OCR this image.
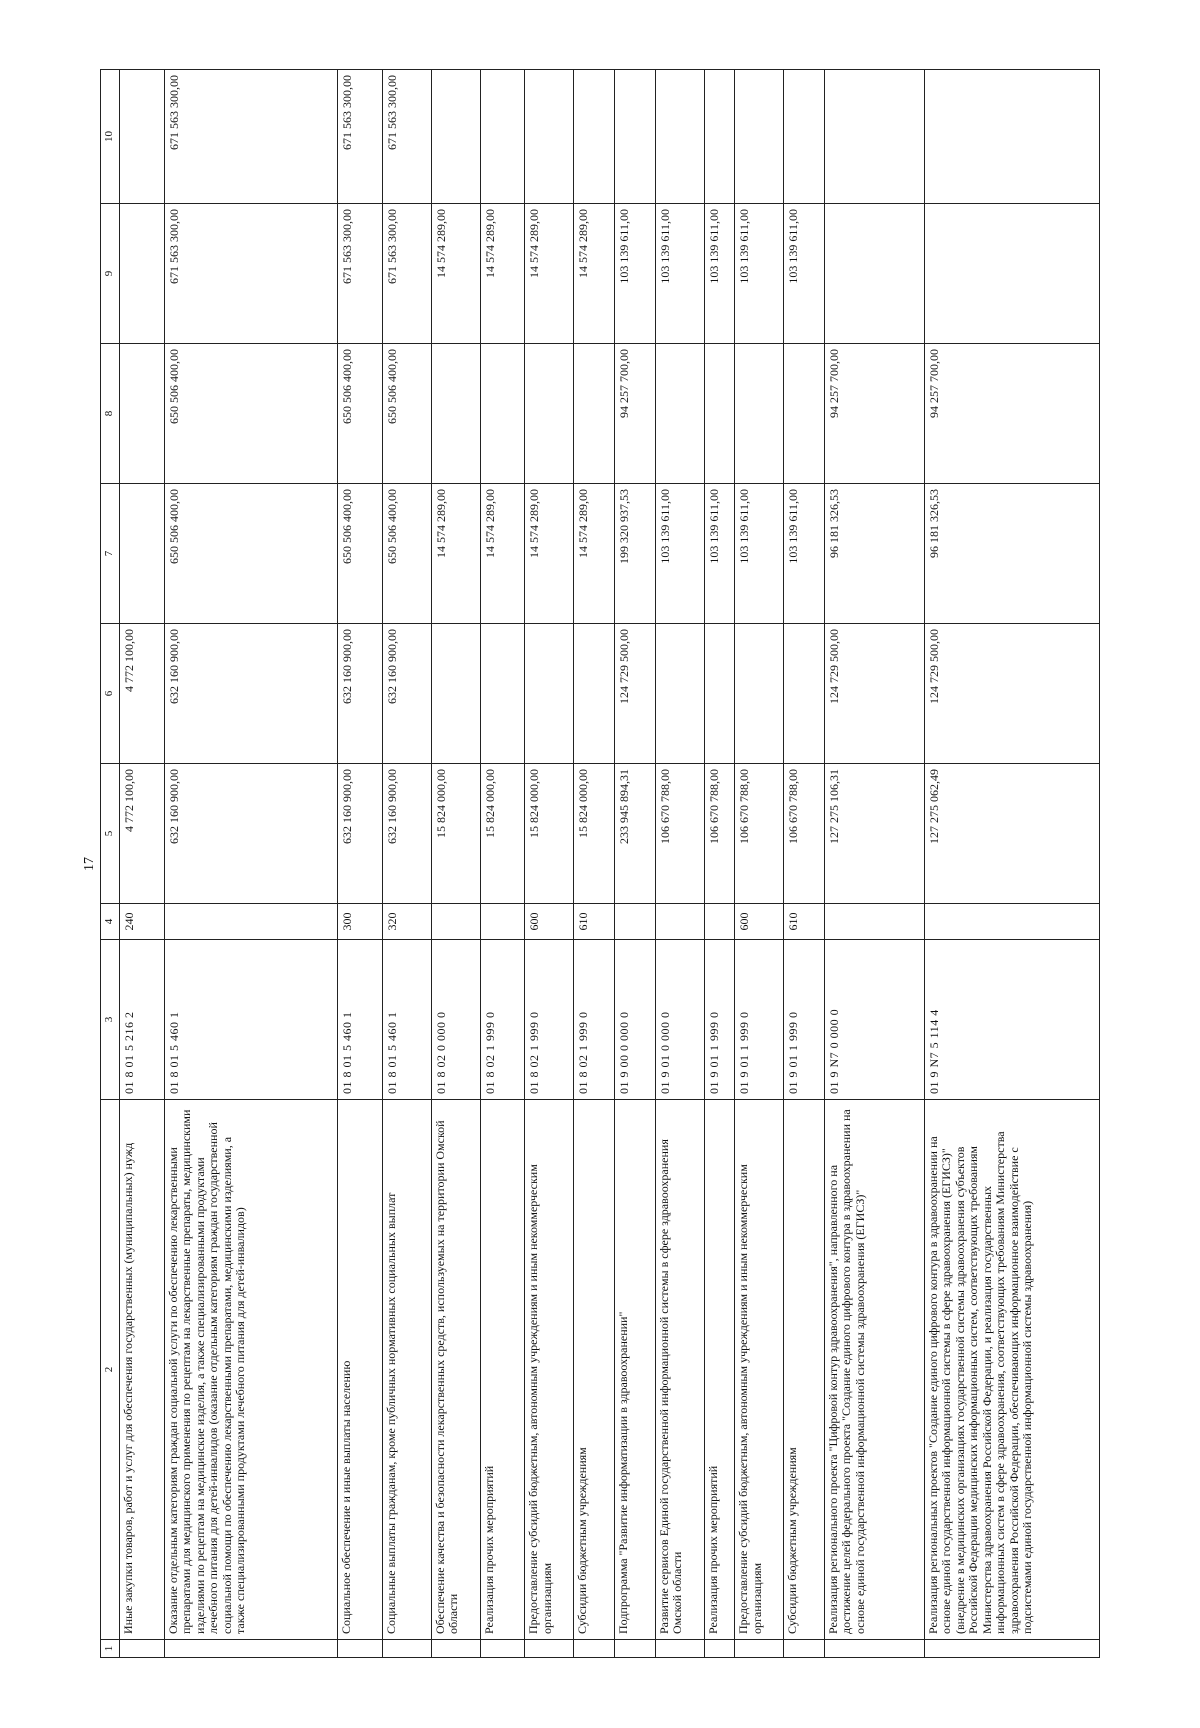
17
1	2	3	4	5	6	7	8	9	10
	Иные закупки товаров, работ и услуг для обеспечения государственных (муниципальных) нужд	01 8 01 5 216 2	240	4 772 100,00	4 772 100,00				
	Оказание отдельным категориям граждан социальной услуги по обеспечению лекарственными препаратами для медицинского применения по рецептам на лекарственные препараты, медицинскими изделиями по рецептам на медицинские изделия, а также специализированными продуктами лечебного питания для детей-инвалидов (оказание отдельным категориям граждан государственной социальной помощи по обеспечению лекарственными препаратами, медицинскими изделиями, а также специализированными продуктами лечебного питания для детей-инвалидов)	01 8 01 5 460 1		632 160 900,00	632 160 900,00	650 506 400,00	650 506 400,00	671 563 300,00	671 563 300,00
	Социальное обеспечение и иные выплаты населению	01 8 01 5 460 1	300	632 160 900,00	632 160 900,00	650 506 400,00	650 506 400,00	671 563 300,00	671 563 300,00
	Социальные выплаты гражданам, кроме публичных нормативных социальных выплат	01 8 01 5 460 1	320	632 160 900,00	632 160 900,00	650 506 400,00	650 506 400,00	671 563 300,00	671 563 300,00
	Обеспечение качества и безопасности лекарственных средств, используемых на территории Омской области	01 8 02 0 000 0		15 824 000,00		14 574 289,00		14 574 289,00	
	Реализация прочих мероприятий	01 8 02 1 999 0		15 824 000,00		14 574 289,00		14 574 289,00	
	Предоставление субсидий бюджетным, автономным учреждениям и иным некоммерческим организациям	01 8 02 1 999 0	600	15 824 000,00		14 574 289,00		14 574 289,00	
	Субсидии бюджетным учреждениям	01 8 02 1 999 0	610	15 824 000,00		14 574 289,00		14 574 289,00	
	Подпрограмма "Развитие информатизации в здравоохранении"	01 9 00 0 000 0		233 945 894,31	124 729 500,00	199 320 937,53	94 257 700,00	103 139 611,00	
	Развитие сервисов Единой государственной информационной системы в сфере здравоохранения Омской области	01 9 01 0 000 0		106 670 788,00		103 139 611,00		103 139 611,00	
	Реализация прочих мероприятий	01 9 01 1 999 0		106 670 788,00		103 139 611,00		103 139 611,00	
	Предоставление субсидий бюджетным, автономным учреждениям и иным некоммерческим организациям	01 9 01 1 999 0	600	106 670 788,00		103 139 611,00		103 139 611,00	
	Субсидии бюджетным учреждениям	01 9 01 1 999 0	610	106 670 788,00		103 139 611,00		103 139 611,00	
	Реализация регионального проекта "Цифровой контур здравоохранения", направленного на достижение целей федерального проекта "Создание единого цифрового контура в здравоохранении на основе единой государственной информационной системы здравоохранения (ЕГИСЗ)"	01 9 N7 0 000 0		127 275 106,31	124 729 500,00	96 181 326,53	94 257 700,00		
	Реализация региональных проектов "Создание единого цифрового контура в здравоохранении на основе единой государственной информационной системы в сфере здравоохранения (ЕГИСЗ)" (внедрение в медицинских организациях государственной системы здравоохранения субъектов Российской Федерации медицинских информационных систем, соответствующих требованиям Министерства здравоохранения Российской Федерации, и реализация государственных информационных систем в сфере здравоохранения, соответствующих требованиям Министерства здравоохранения Российской Федерации, обеспечивающих информационное взаимодействие с подсистемами единой государственной информационной системы здравоохранения)	01 9 N7 5 114 4		127 275 062,49	124 729 500,00	96 181 326,53	94 257 700,00		
